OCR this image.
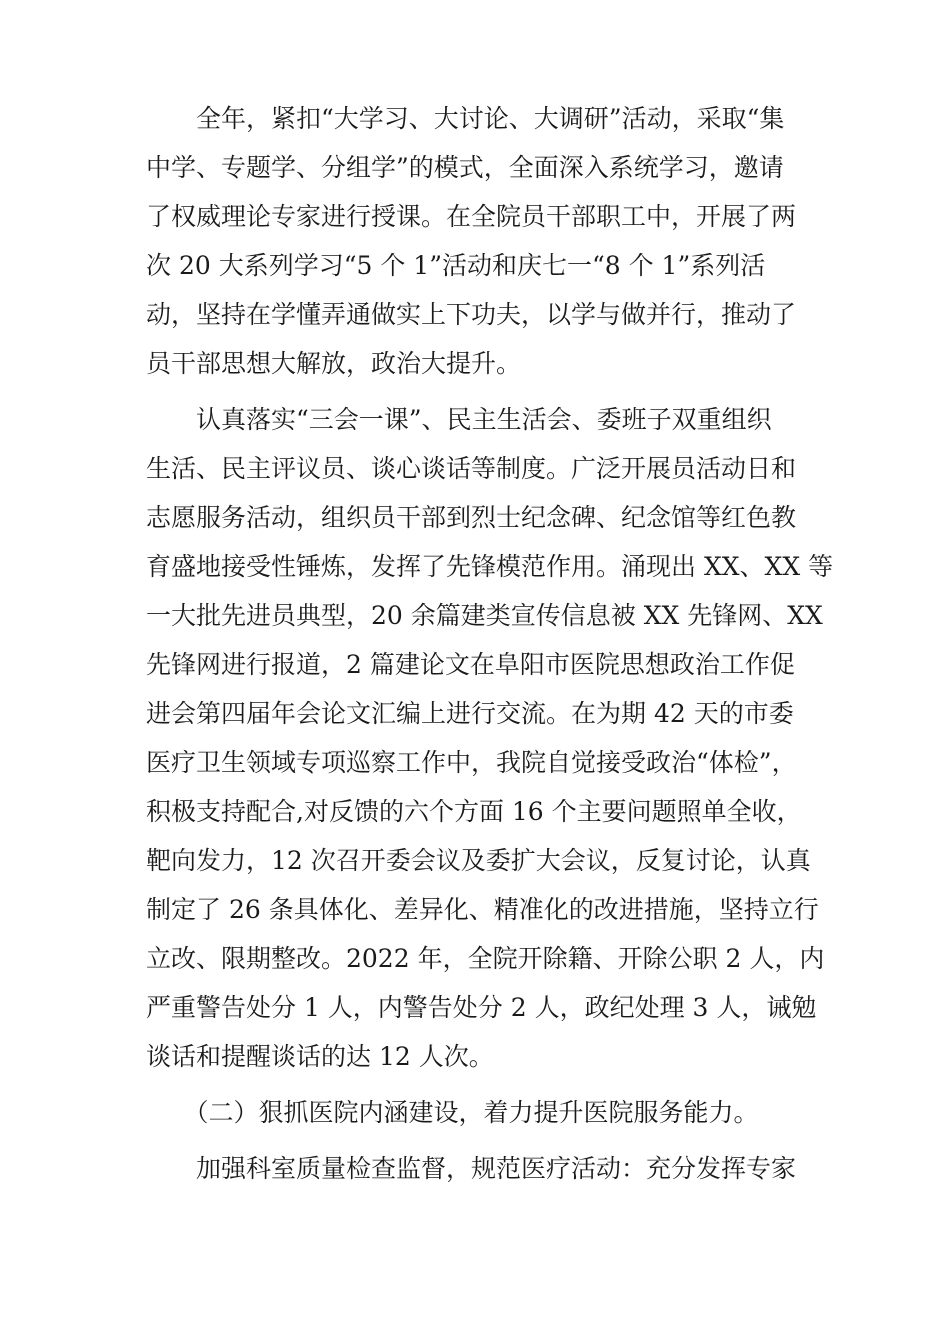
　　全年，紧扣“大学习、大讨论、大调研”活动，采取“集
中学、专题学、分组学”的模式，全面深入系统学习，邀请
了权威理论专家进行授课。在全院员干部职工中，开展了两
次 20 大系列学习“5 个 1”活动和庆七一“8 个 1”系列活
动，坚持在学懂弄通做实上下功夫，以学与做并行，推动了
员干部思想大解放，政治大提升。
　　认真落实“三会一课”、民主生活会、委班子双重组织
生活、民主评议员、谈心谈话等制度。广泛开展员活动日和
志愿服务活动，组织员干部到烈士纪念碑、纪念馆等红色教
育盛地接受性锤炼，发挥了先锋模范作用。涌现出 XX、XX 等
一大批先进员典型，20 余篇建类宣传信息被 XX 先锋网、XX
先锋网进行报道，2 篇建论文在阜阳市医院思想政治工作促
进会第四届年会论文汇编上进行交流。在为期 42 天的市委
医疗卫生领域专项巡察工作中，我院自觉接受政治“体检”，
积极支持配合,对反馈的六个方面 16 个主要问题照单全收，
靶向发力，12 次召开委会议及委扩大会议，反复讨论，认真
制定了 26 条具体化、差异化、精准化的改进措施，坚持立行
立改、限期整改。2022 年，全院开除籍、开除公职 2 人，内
严重警告处分 1 人，内警告处分 2 人，政纪处理 3 人，诫勉
谈话和提醒谈话的达 12 人次。
　　（二）狠抓医院内涵建设，着力提升医院服务能力。
　　加强科室质量检查监督，规范医疗活动：充分发挥专家
